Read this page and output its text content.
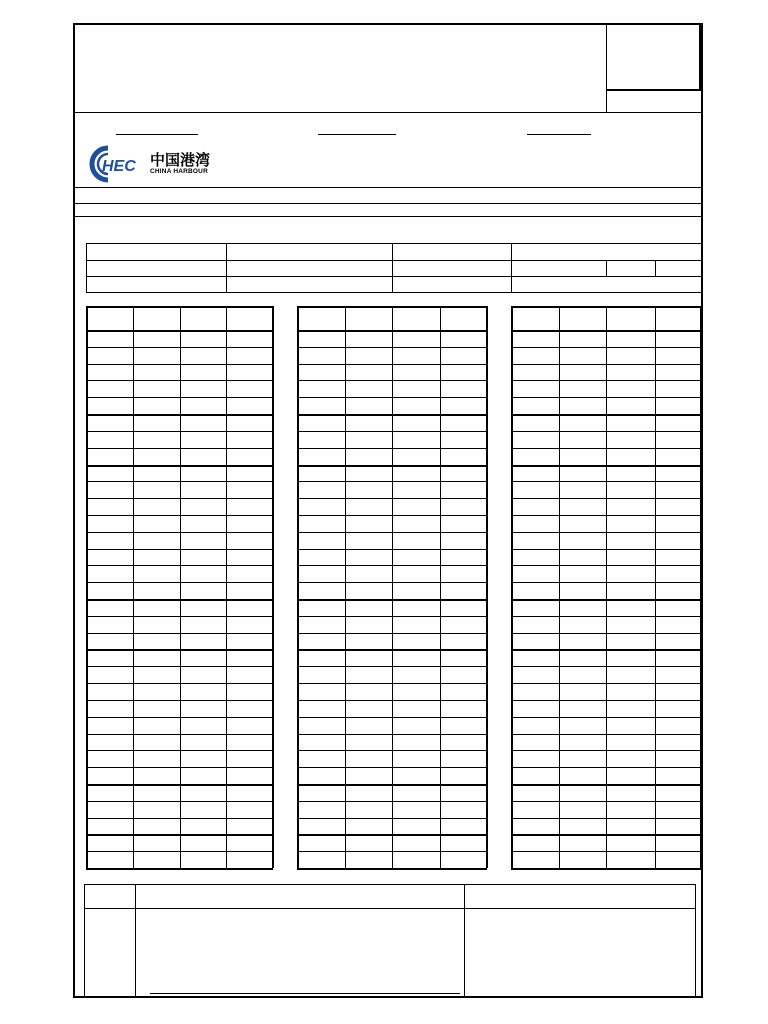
HEC 中国港湾
CHINA HARBOUR
